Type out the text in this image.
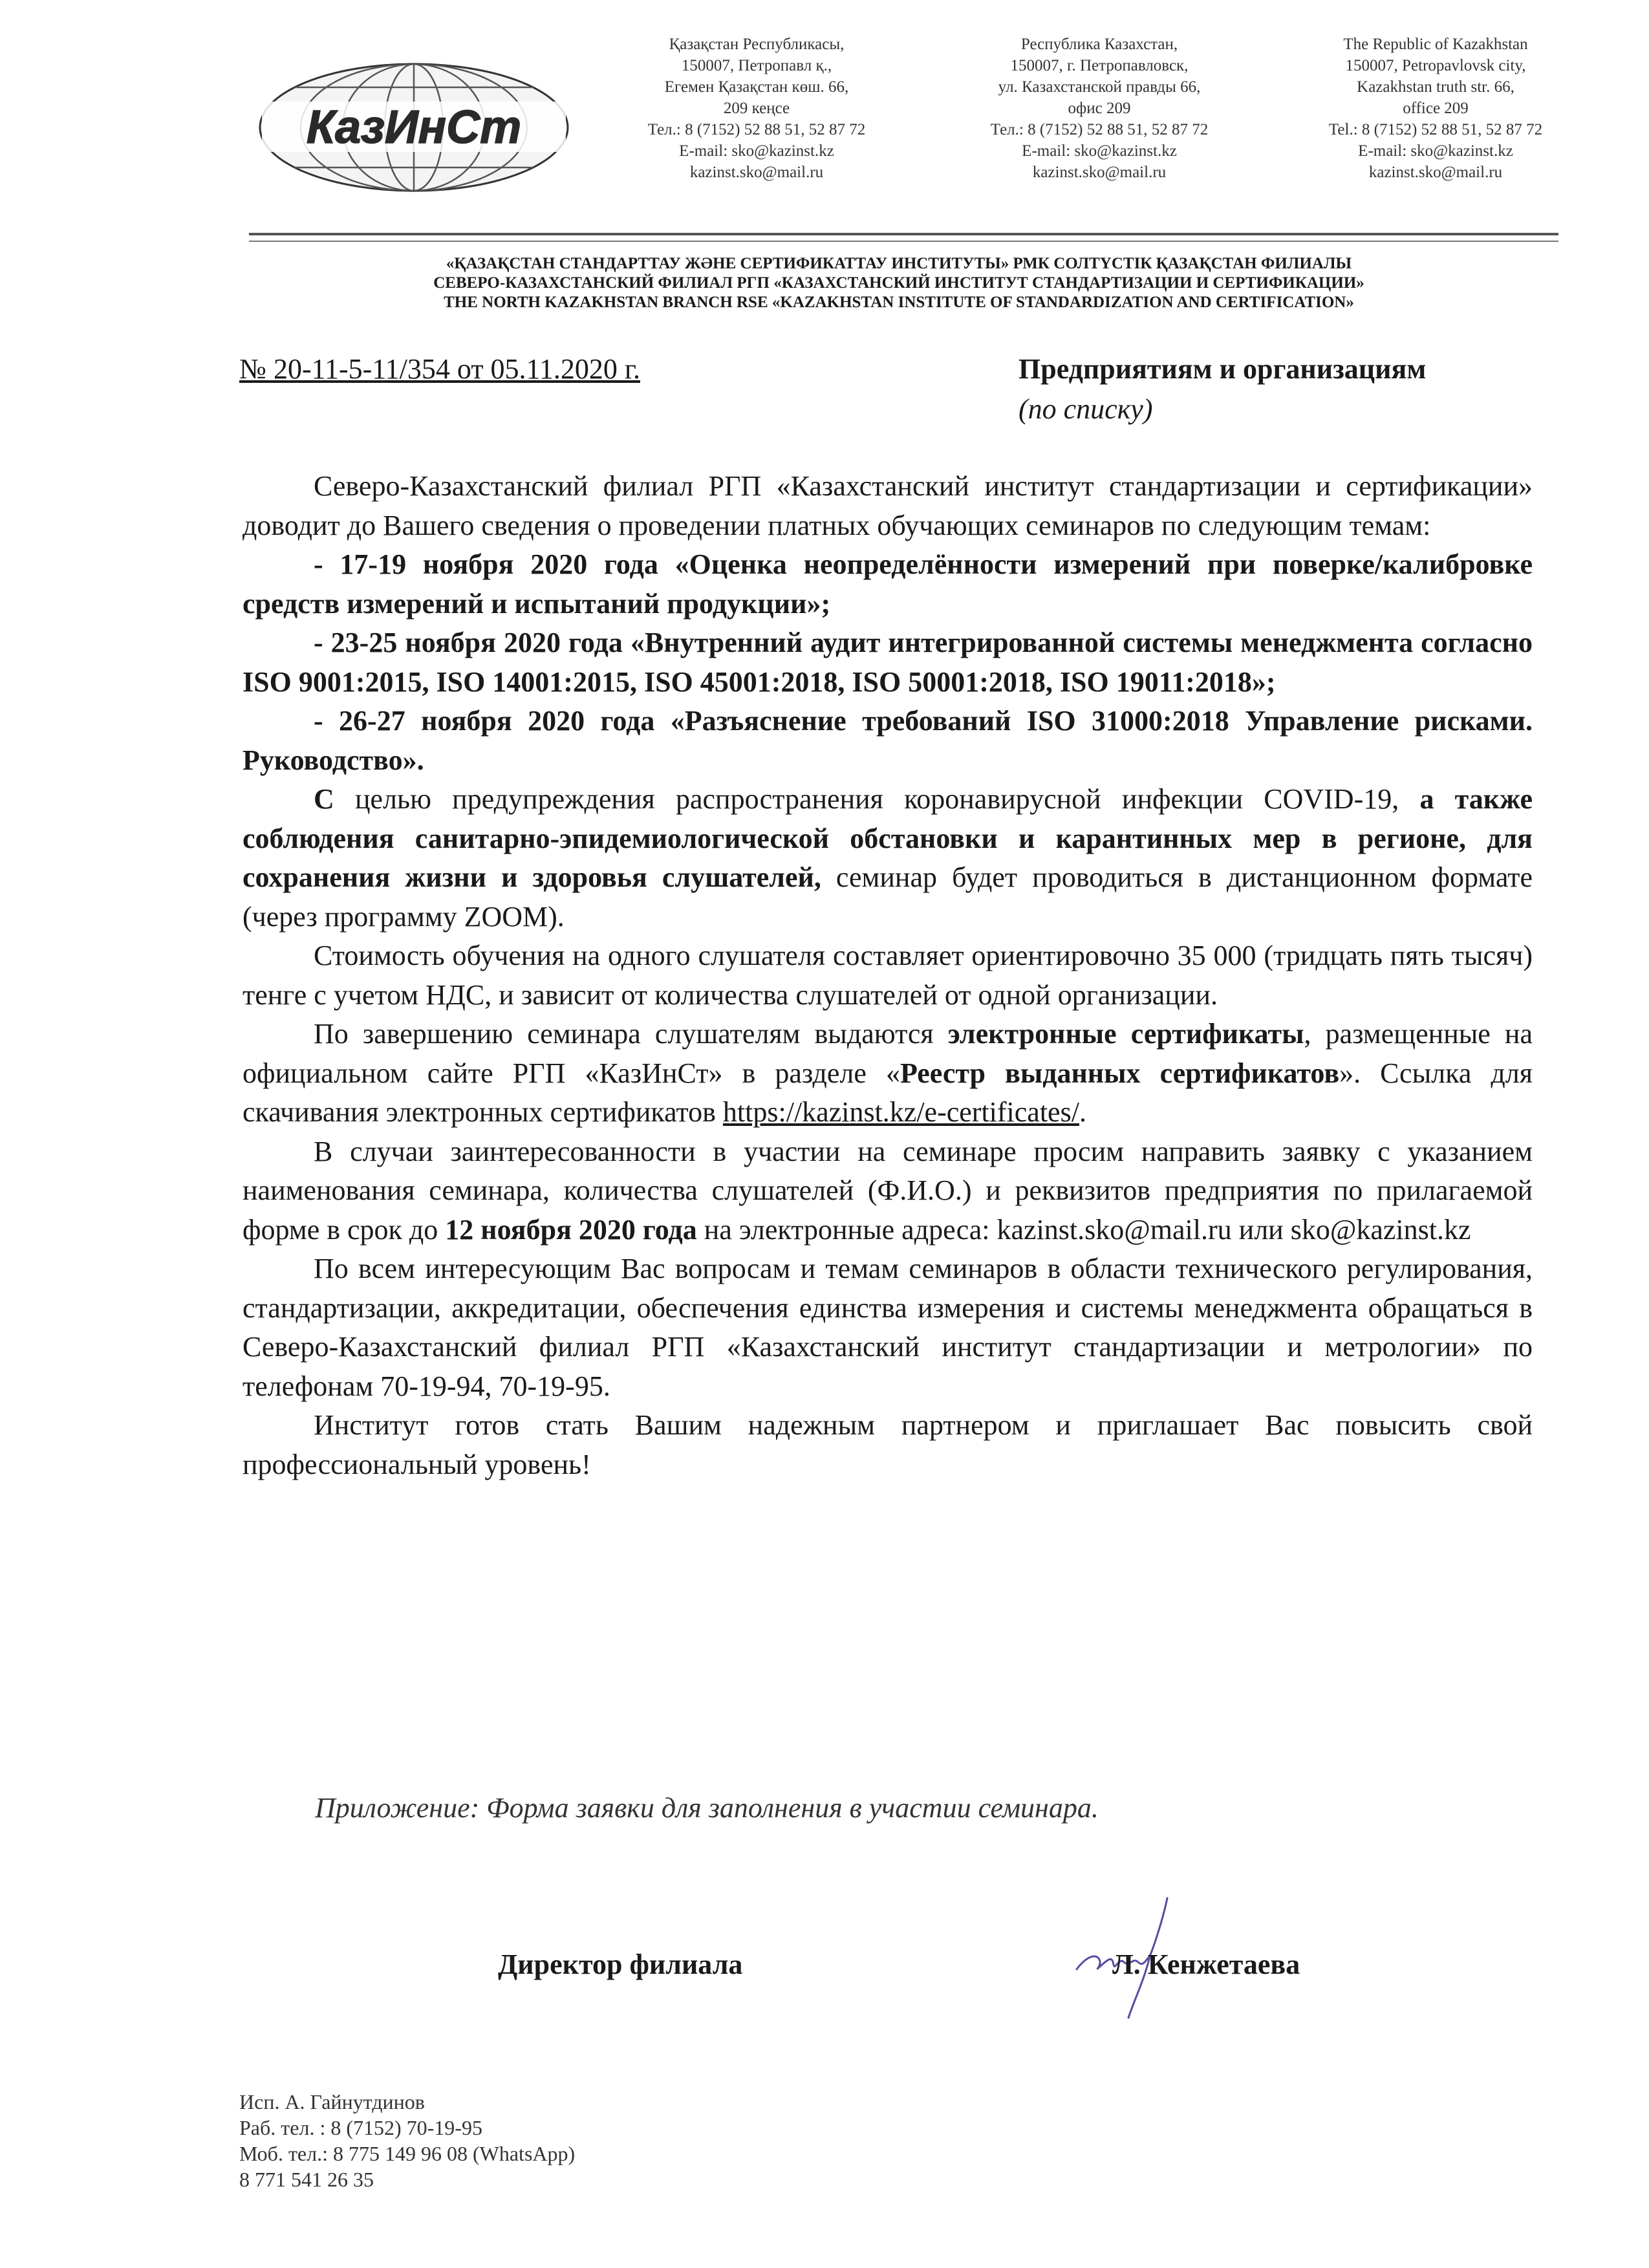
КазИнСт
Қазақстан Республикасы,
150007, Петропавл қ.,
Егемен Қазақстан көш. 66,
209 кеңсе
Тел.: 8 (7152) 52 88 51, 52 87 72
E-mail: sko@kazinst.kz
kazinst.sko@mail.ru
Республика Казахстан,
150007, г. Петропавловск,
ул. Казахстанской правды 66,
офис 209
Тел.: 8 (7152) 52 88 51, 52 87 72
E-mail: sko@kazinst.kz
kazinst.sko@mail.ru
The Republic of Kazakhstan
150007, Petropavlovsk city,
Kazakhstan truth str. 66,
office 209
Tel.: 8 (7152) 52 88 51, 52 87 72
E-mail: sko@kazinst.kz
kazinst.sko@mail.ru
«ҚАЗАҚСТАН СТАНДАРТТАУ ЖӘНЕ СЕРТИФИКАТТАУ ИНСТИТУТЫ» РМК СОЛТҮСТІК ҚАЗАҚСТАН ФИЛИАЛЫ
СЕВЕРО-КАЗАХСТАНСКИЙ ФИЛИАЛ РГП «КАЗАХСТАНСКИЙ ИНСТИТУТ СТАНДАРТИЗАЦИИ И СЕРТИФИКАЦИИ»
THE NORTH KAZAKHSTAN BRANCH RSE «KAZAKHSTAN INSTITUTE OF STANDARDIZATION AND CERTIFICATION»
№ 20-11-5-11/354 от 05.11.2020 г.	Предприятиям и организациям
(по списку)

Северо-Казахстанский филиал РГП «Казахстанский институт стандартизации и сертификации» доводит до Вашего сведения о проведении платных обучающих семинаров по следующим темам:

- 17-19 ноября 2020 года «Оценка неопределённости измерений при поверке/калибровке средств измерений и испытаний продукции»;

- 23-25 ноября 2020 года «Внутренний аудит интегрированной системы менеджмента согласно ISO 9001:2015, ISO 14001:2015, ISO 45001:2018, ISO 50001:2018, ISO 19011:2018»;

- 26-27 ноября 2020 года «Разъяснение требований ISO 31000:2018 Управление рисками. Руководство».

С целью предупреждения распространения коронавирусной инфекции COVID-19, а также соблюдения санитарно-эпидемиологической обстановки и карантинных мер в регионе, для сохранения жизни и здоровья слушателей, семинар будет проводиться в дистанционном формате (через программу ZOOM).

Стоимость обучения на одного слушателя составляет ориентировочно 35 000 (тридцать пять тысяч) тенге с учетом НДС, и зависит от количества слушателей от одной организации.

По завершению семинара слушателям выдаются электронные сертификаты, размещенные на официальном сайте РГП «КазИнСт» в разделе «Реестр выданных сертификатов». Ссылка для скачивания электронных сертификатов https://kazinst.kz/e-certificates/.

В случаи заинтересованности в участии на семинаре просим направить заявку с указанием наименования семинара, количества слушателей (Ф.И.О.) и реквизитов предприятия по прилагаемой форме в срок до 12 ноября 2020 года на электронные адреса: kazinst.sko@mail.ru или sko@kazinst.kz

По всем интересующим Вас вопросам и темам семинаров в области технического регулирования, стандартизации, аккредитации, обеспечения единства измерения и системы менеджмента обращаться в Северо-Казахстанский филиал РГП «Казахстанский институт стандартизации и метрологии» по телефонам 70-19-94, 70-19-95.

Институт готов стать Вашим надежным партнером и приглашает Вас повысить свой профессиональный уровень!

Приложение: Форма заявки для заполнения в участии семинара.
Директор филиала	Л. Кенжетаева
Исп. А. Гайнутдинов
Раб. тел. : 8 (7152) 70-19-95
Моб. тел.: 8 775 149 96 08 (WhatsApp)
8 771 541 26 35
